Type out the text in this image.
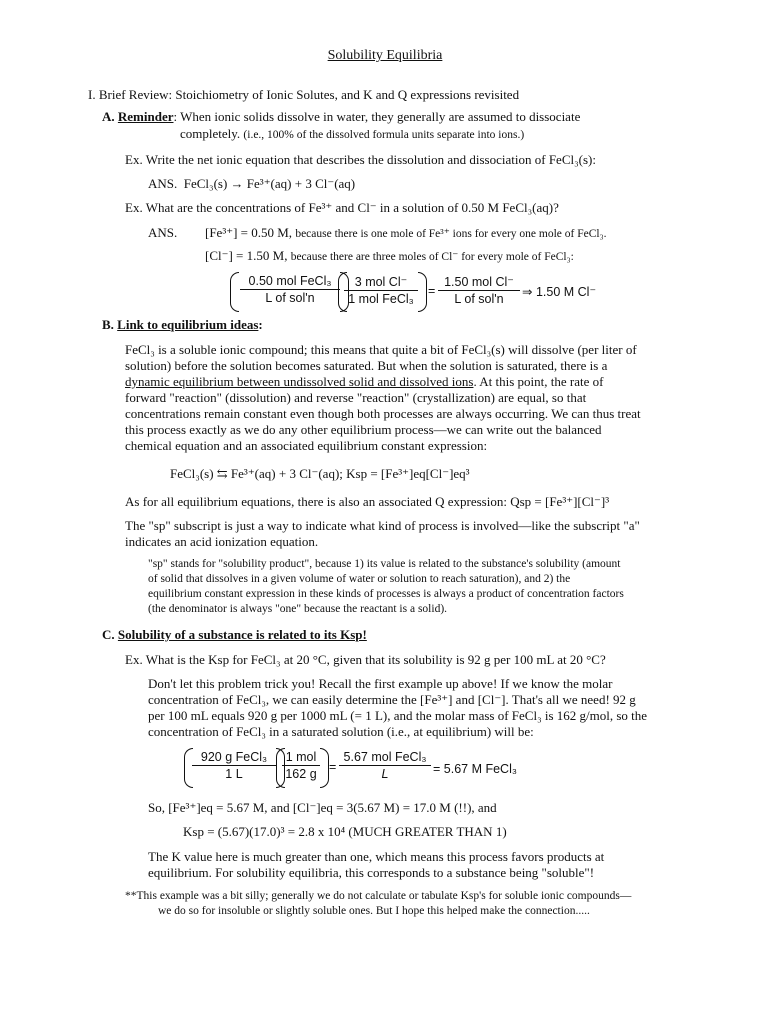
Solubility Equilibria
I. Brief Review: Stoichiometry of Ionic Solutes, and K and Q expressions revisited
A. Reminder: When ionic solids dissolve in water, they generally are assumed to dissociate
completely. (i.e., 100% of the dissolved formula units separate into ions.)
Ex. Write the net ionic equation that describes the dissolution and dissociation of FeCl₃(s):
ANS. FeCl₃(s) → Fe³⁺(aq) + 3 Cl⁻(aq)
Ex. What are the concentrations of Fe³⁺ and Cl⁻ in a solution of 0.50 M FeCl₃(aq)?
ANS. [Fe³⁺] = 0.50 M, because there is one mole of Fe³⁺ ions for every one mole of FeCl₃.
[Cl⁻] = 1.50 M, because there are three moles of Cl⁻ for every mole of FeCl₃:
0.50 mol FeCl₃
L of sol'n
3 mol Cl⁻
1 mol FeCl₃
=
1.50 mol Cl⁻
L of sol'n	⇒ 1.50 M Cl⁻
B. Link to equilibrium ideas:
FeCl₃ is a soluble ionic compound; this means that quite a bit of FeCl₃(s) will dissolve (per liter of
solution) before the solution becomes saturated. But when the solution is saturated, there is a
dynamic equilibrium between undissolved solid and dissolved ions. At this point, the rate of
forward "reaction" (dissolution) and reverse "reaction" (crystallization) are equal, so that
concentrations remain constant even though both processes are always occurring. We can thus treat
this process exactly as we do any other equilibrium process—we can write out the balanced
chemical equation and an associated equilibrium constant expression:
FeCl₃(s) ⇆ Fe³⁺(aq) + 3 Cl⁻(aq); Ksp = [Fe³⁺]eq[Cl⁻]eq³
As for all equilibrium equations, there is also an associated Q expression: Qsp = [Fe³⁺][Cl⁻]³
The "sp" subscript is just a way to indicate what kind of process is involved—like the subscript "a"
indicates an acid ionization equation.
"sp" stands for "solubility product", because 1) its value is related to the substance's solubility (amount
of solid that dissolves in a given volume of water or solution to reach saturation), and 2) the
equilibrium constant expression in these kinds of processes is always a product of concentration factors
(the denominator is always "one" because the reactant is a solid).
C. Solubility of a substance is related to its Ksp!
Ex. What is the Ksp for FeCl₃ at 20 °C, given that its solubility is 92 g per 100 mL at 20 °C?
Don't let this problem trick you! Recall the first example up above! If we know the molar
concentration of FeCl₃, we can easily determine the [Fe³⁺] and [Cl⁻]. That's all we need! 92 g
per 100 mL equals 920 g per 1000 mL (= 1 L), and the molar mass of FeCl₃ is 162 g/mol, so the
concentration of FeCl₃ in a saturated solution (i.e., at equilibrium) will be:
920 g FeCl₃
1 L
1 mol
162 g =
5.67 mol FeCl₃
L	= 5.67 M FeCl₃
So, [Fe³⁺]eq = 5.67 M, and [Cl⁻]eq = 3(5.67 M) = 17.0 M (!!), and
Ksp = (5.67)(17.0)³ = 2.8 x 10⁴ (MUCH GREATER THAN 1)
The K value here is much greater than one, which means this process favors products at
equilibrium. For solubility equilibria, this corresponds to a substance being "soluble"!
**This example was a bit silly; generally we do not calculate or tabulate Ksp's for soluble ionic compounds—
we do so for insoluble or slightly soluble ones. But I hope this helped make the connection.....
